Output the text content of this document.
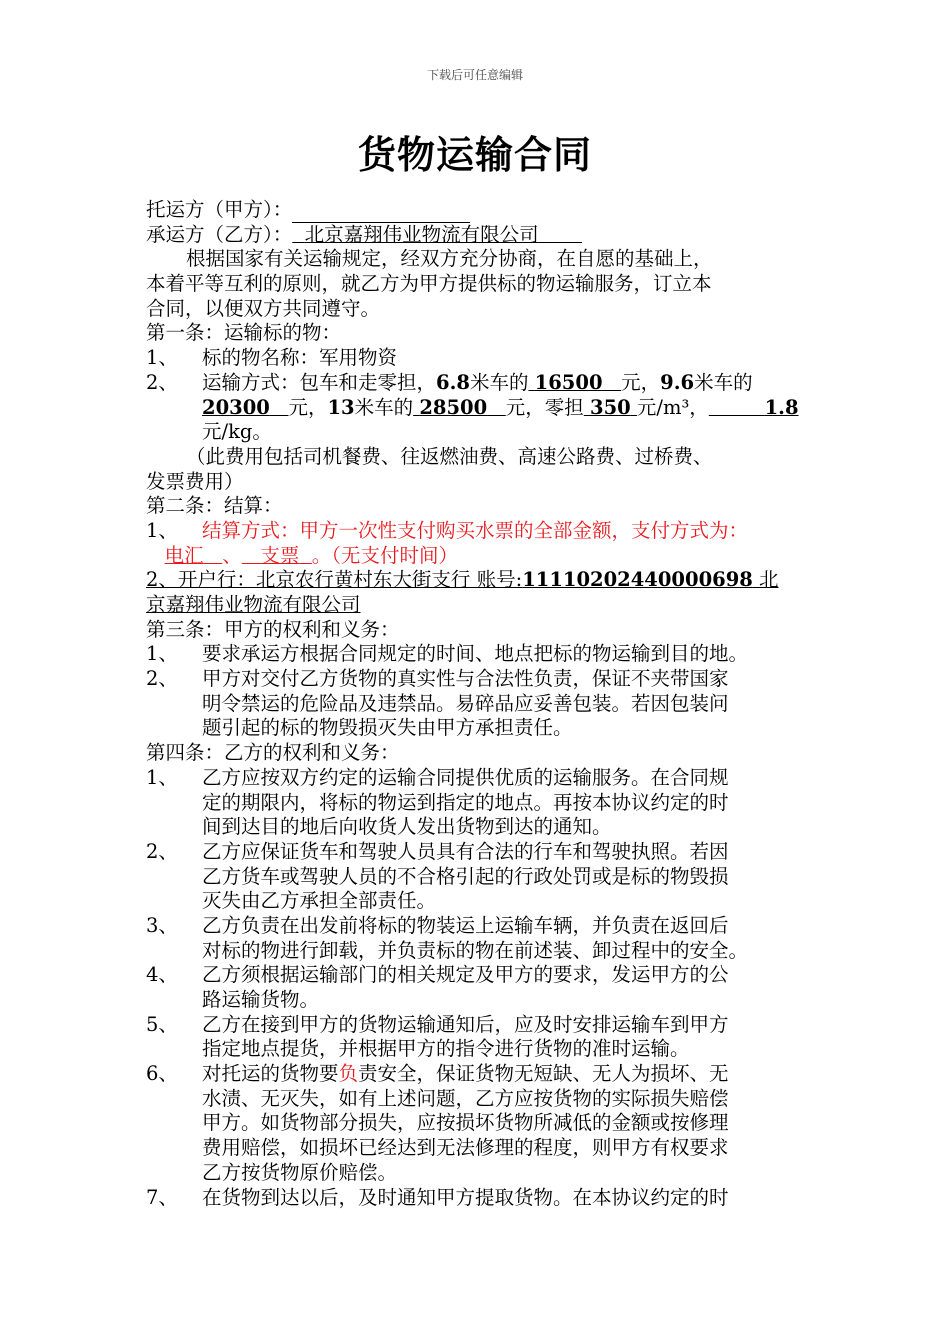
下载后可任意编辑
货物运输合同
托运方（甲方）：
承运方（乙方）： 北京嘉翔伟业物流有限公司
根据国家有关运输规定，经双方充分协商，在自愿的基础上，
本着平等互利的原则，就乙方为甲方提供标的物运输服务，订立本
合同，以便双方共同遵守。
第一条：运输标的物：
1、 标的物名称：军用物资
2、 运输方式：包车和走零担，6.8米车的 16500 元，9.6米车的
20300 元，13米车的 28500 元，零担 350 元/m³，	1.8
元/kg。
（此费用包括司机餐费、往返燃油费、高速公路费、过桥费、
发票费用）
第二条：结算：
1、 结算方式：甲方一次性支付购买水票的全部金额，支付方式为：
电汇 、 支票 。（无支付时间）
2、开户行：北京农行黄村东大街支行 账号:11110202440000698 北
京嘉翔伟业物流有限公司
第三条：甲方的权利和义务：
1、 要求承运方根据合同规定的时间、地点把标的物运输到目的地。
2、 甲方对交付乙方货物的真实性与合法性负责，保证不夹带国家
明令禁运的危险品及违禁品。易碎品应妥善包装。若因包装问
题引起的标的物毁损灭失由甲方承担责任。
第四条：乙方的权利和义务：
1、 乙方应按双方约定的运输合同提供优质的运输服务。在合同规
定的期限内，将标的物运到指定的地点。再按本协议约定的时
间到达目的地后向收货人发出货物到达的通知。
2、 乙方应保证货车和驾驶人员具有合法的行车和驾驶执照。若因
乙方货车或驾驶人员的不合格引起的行政处罚或是标的物毁损
灭失由乙方承担全部责任。
3、 乙方负责在出发前将标的物装运上运输车辆，并负责在返回后
对标的物进行卸载，并负责标的物在前述装、卸过程中的安全。
4、 乙方须根据运输部门的相关规定及甲方的要求，发运甲方的公
路运输货物。
5、 乙方在接到甲方的货物运输通知后，应及时安排运输车到甲方
指定地点提货，并根据甲方的指令进行货物的准时运输。
6、 对托运的货物要负责安全，保证货物无短缺、无人为损坏、无
水渍、无灭失，如有上述问题，乙方应按货物的实际损失赔偿
甲方。如货物部分损失，应按损坏货物所减低的金额或按修理
费用赔偿，如损坏已经达到无法修理的程度，则甲方有权要求
乙方按货物原价赔偿。
7、 在货物到达以后，及时通知甲方提取货物。在本协议约定的时
